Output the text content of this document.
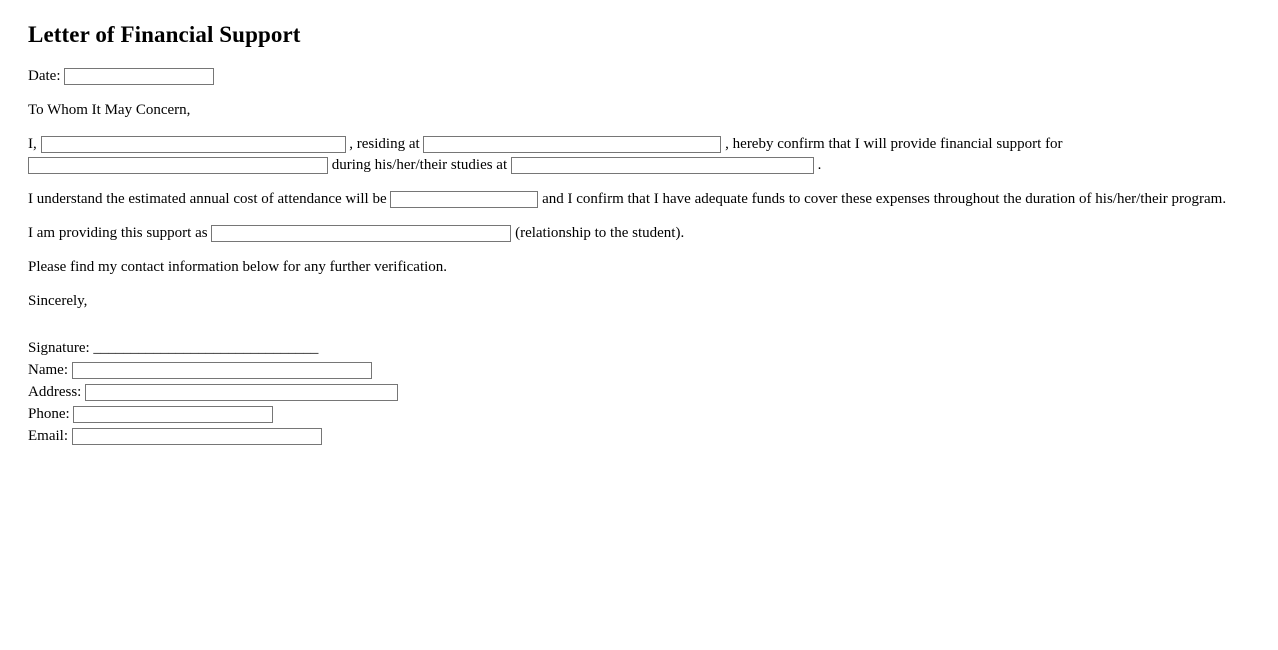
Letter of Financial Support
Date:

To Whom It May Concern,

I,	, residing at	, hereby confirm that I will provide financial support for  during his/her/their studies at	.
I understand the estimated annual cost of attendance will be	and I confirm that I have adequate funds to cover these expenses throughout the duration of his/her/their program.
I am providing this support as	(relationship to the student).

Please find my contact information below for any further verification.

Sincerely,

Signature: ______________________________
Name:
Address:
Phone:
Email:
